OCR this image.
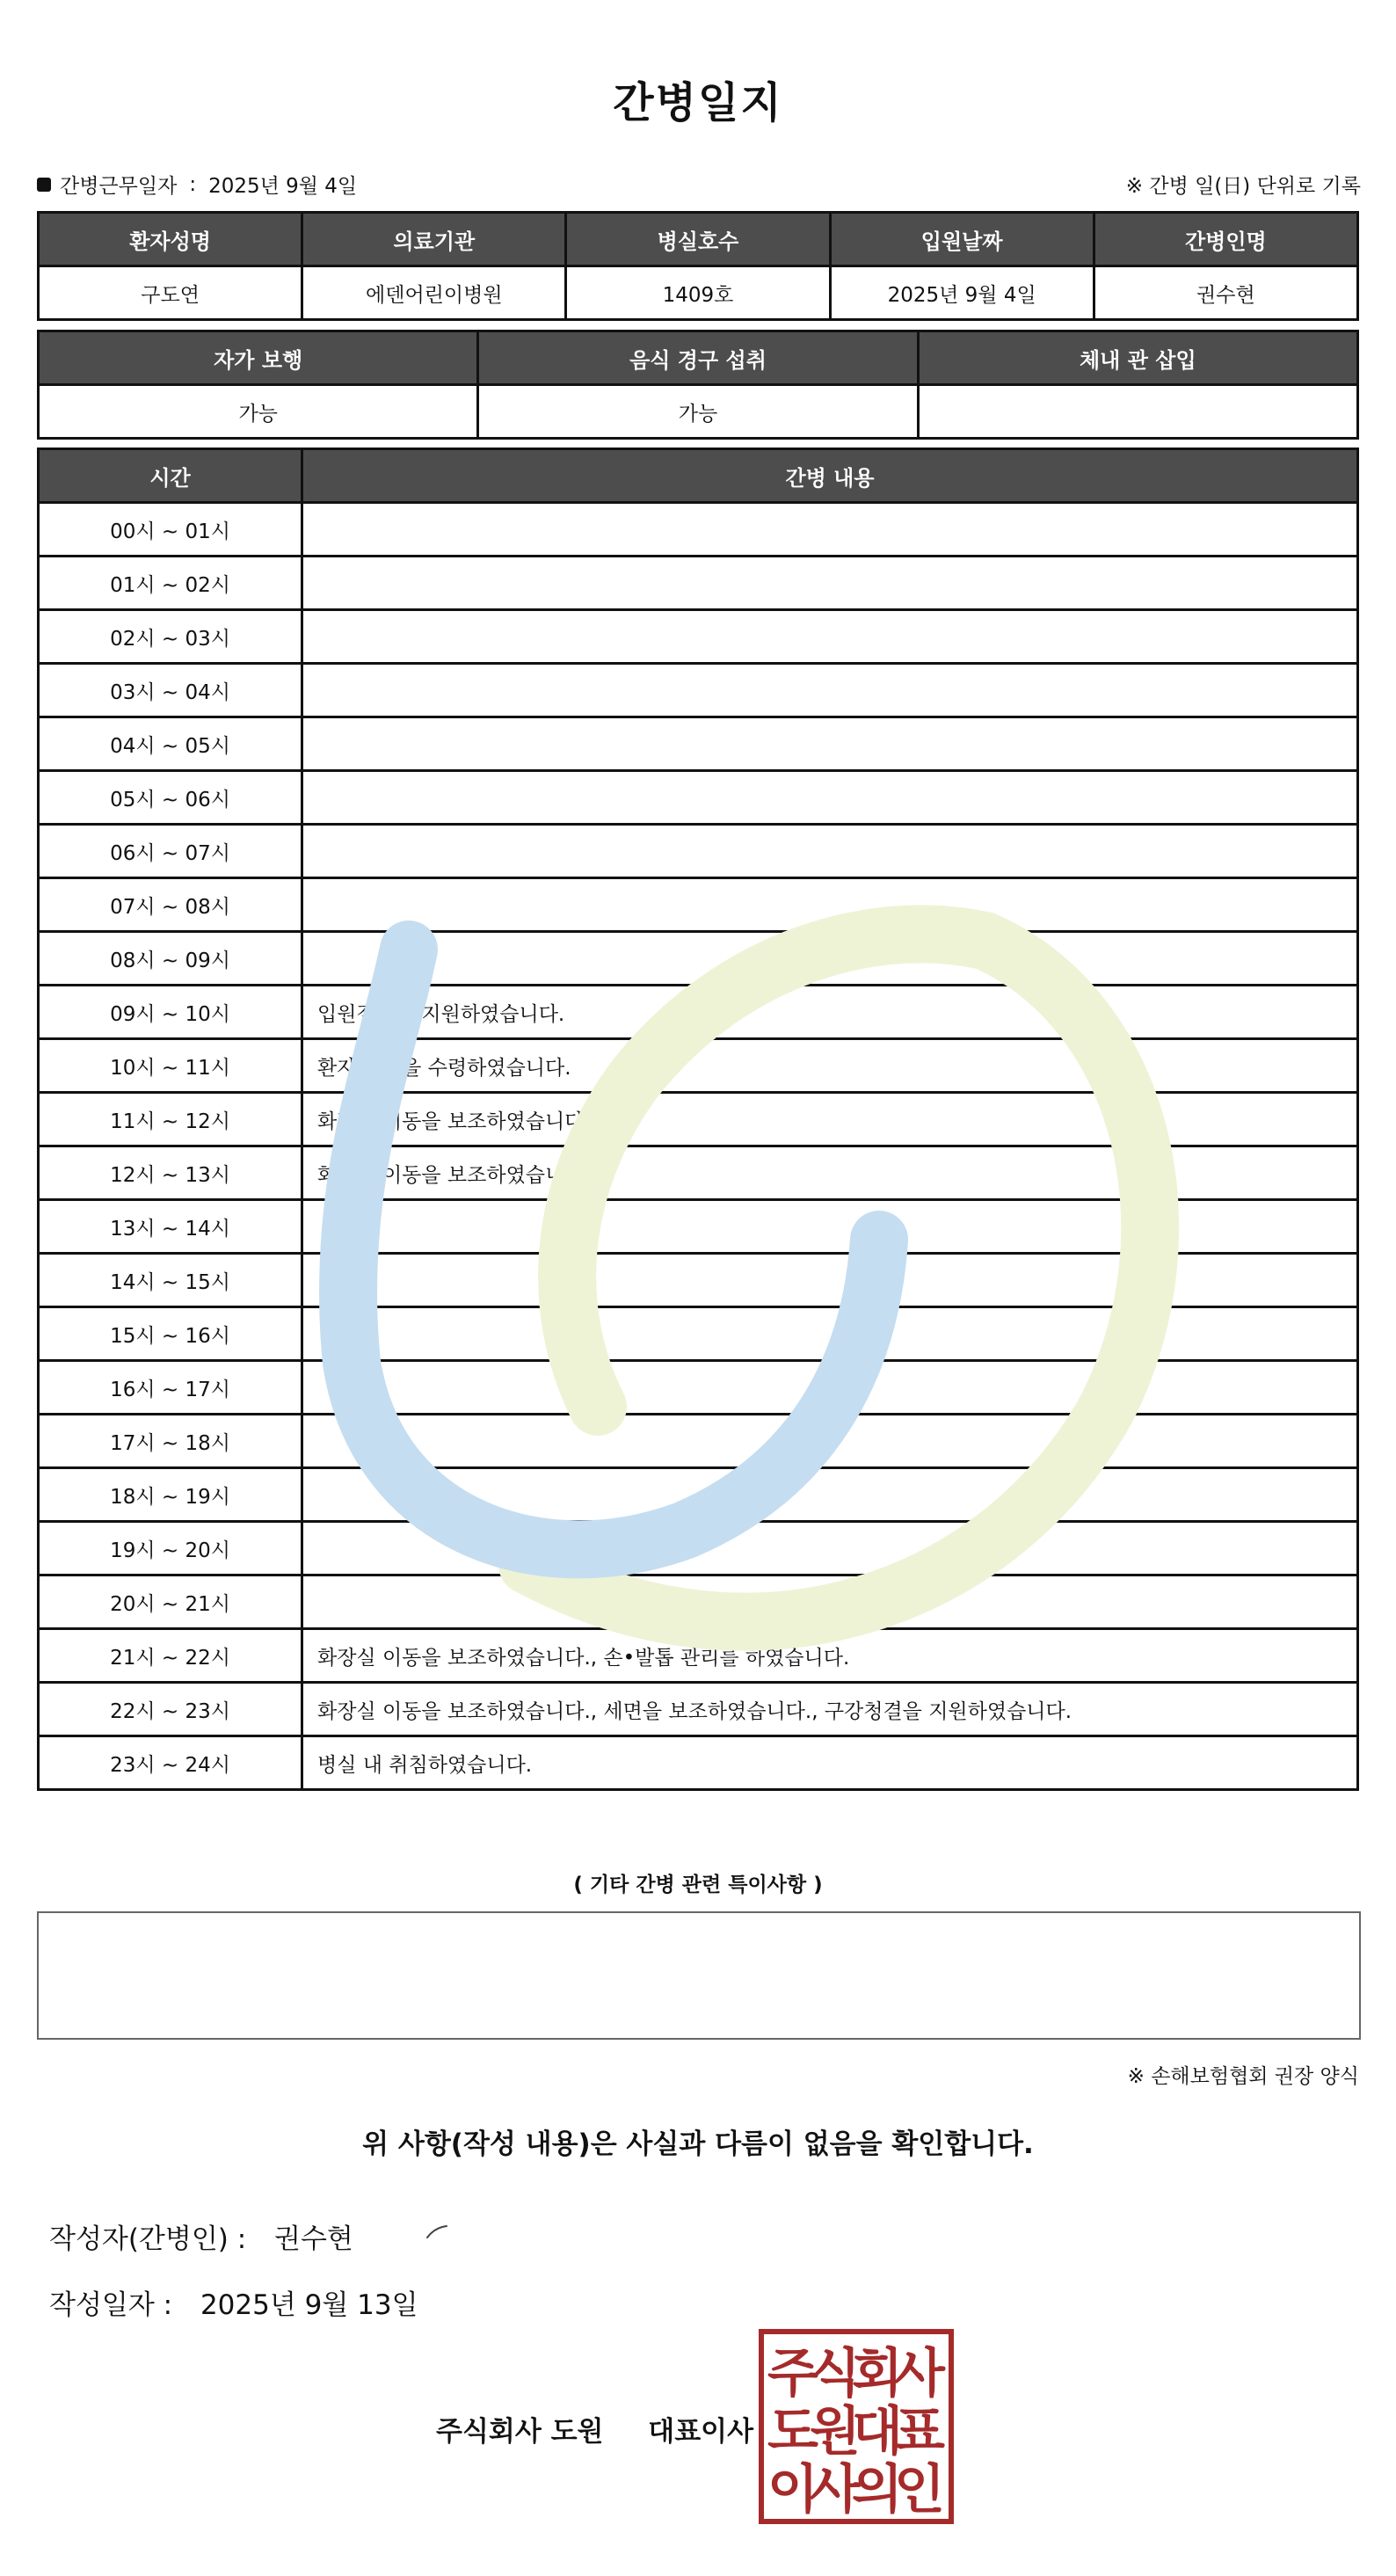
간병일지
간병근무일자 : 2025년 9월 4일	※ 간병 일(日) 단위로 기록
환자성명	의료기관	병실호수	입원날짜	간병인명
구도연	에덴어린이병원	1409호	2025년 9월 4일	권수현
자가 보행	음식 경구 섭취	체내 관 삽입
가능	가능	
시간	간병 내용
00시 ~ 01시	
01시 ~ 02시	
02시 ~ 03시	
03시 ~ 04시	
04시 ~ 05시	
05시 ~ 06시	
06시 ~ 07시	
07시 ~ 08시	
08시 ~ 09시	
09시 ~ 10시	입원절차를 지원하였습니다.
10시 ~ 11시	환자의 약을 수령하였습니다.
11시 ~ 12시	화장실 이동을 보조하였습니다.
12시 ~ 13시	화장실 이동을 보조하였습니다.
13시 ~ 14시	
14시 ~ 15시	
15시 ~ 16시	
16시 ~ 17시	
17시 ~ 18시	
18시 ~ 19시	
19시 ~ 20시	
20시 ~ 21시	
21시 ~ 22시	화장실 이동을 보조하였습니다., 손•발톱 관리를 하였습니다.
22시 ~ 23시	화장실 이동을 보조하였습니다., 세면을 보조하였습니다., 구강청결을 지원하였습니다.
23시 ~ 24시	병실 내 취침하였습니다.
( 기타 간병 관련 특이사항 )
※ 손해보험협회 권장 양식
위 사항(작성 내용)은 사실과 다름이 없음을 확인합니다.
작성자(간병인) : 권수현
작성일자 : 2025년 9월 13일
주식회사 도원 대표이사
주
식
회
사
도
원
대
표
이
사
의
인
